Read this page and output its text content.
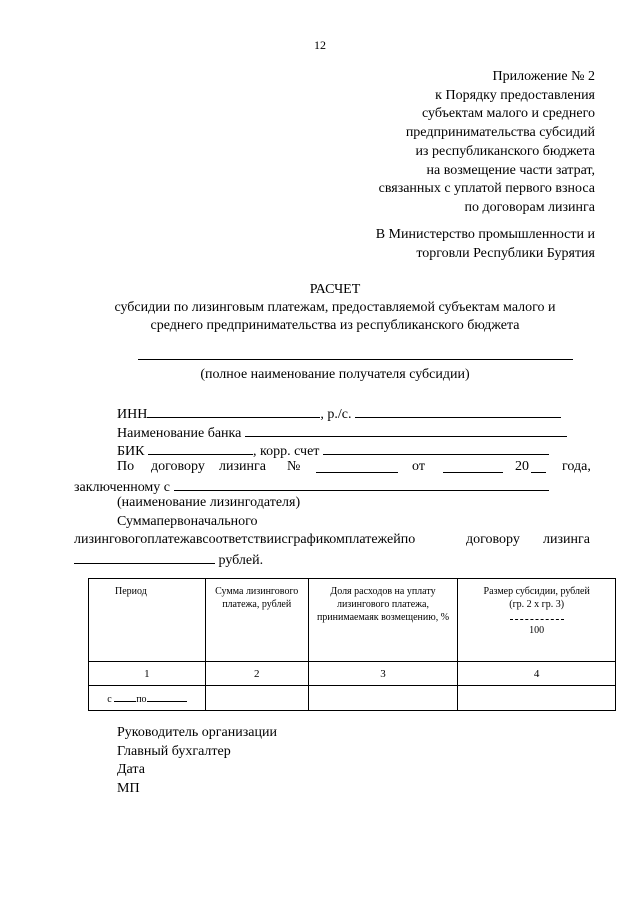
12
Приложение № 2
к Порядку предоставления
субъектам малого и среднего
предпринимательства субсидий
из республиканского бюджета
на возмещение части затрат,
связанных с уплатой первого взноса
по договорам лизинга
В Министерство промышленности и
торговли Республики Бурятия
РАСЧЕТ
субсидии по лизинговым платежам, предоставляемой субъектам малого и среднего предпринимательства из республиканского бюджета
(полное наименование получателя субсидии)
ИНН	, р./с.
Наименование банка
БИК	, корр. счет
По договору лизинга №	от	20 года,
заключенному с
(наименование лизингодателя)
Суммапервоначального
лизинговогоплатежавсоответствиисграфикомплатежейпо	договору лизинга
рублей.
Период	Сумма лизингового платежа, рублей	Доля расходов на уплату лизингового платежа, принимаемаяк возмещению, %	Размер субсидии, рублей
(гр. 2 х гр. 3)
100

1	2	3	4
с по			
Руководитель организации
Главный бухгалтер
Дата
МП
